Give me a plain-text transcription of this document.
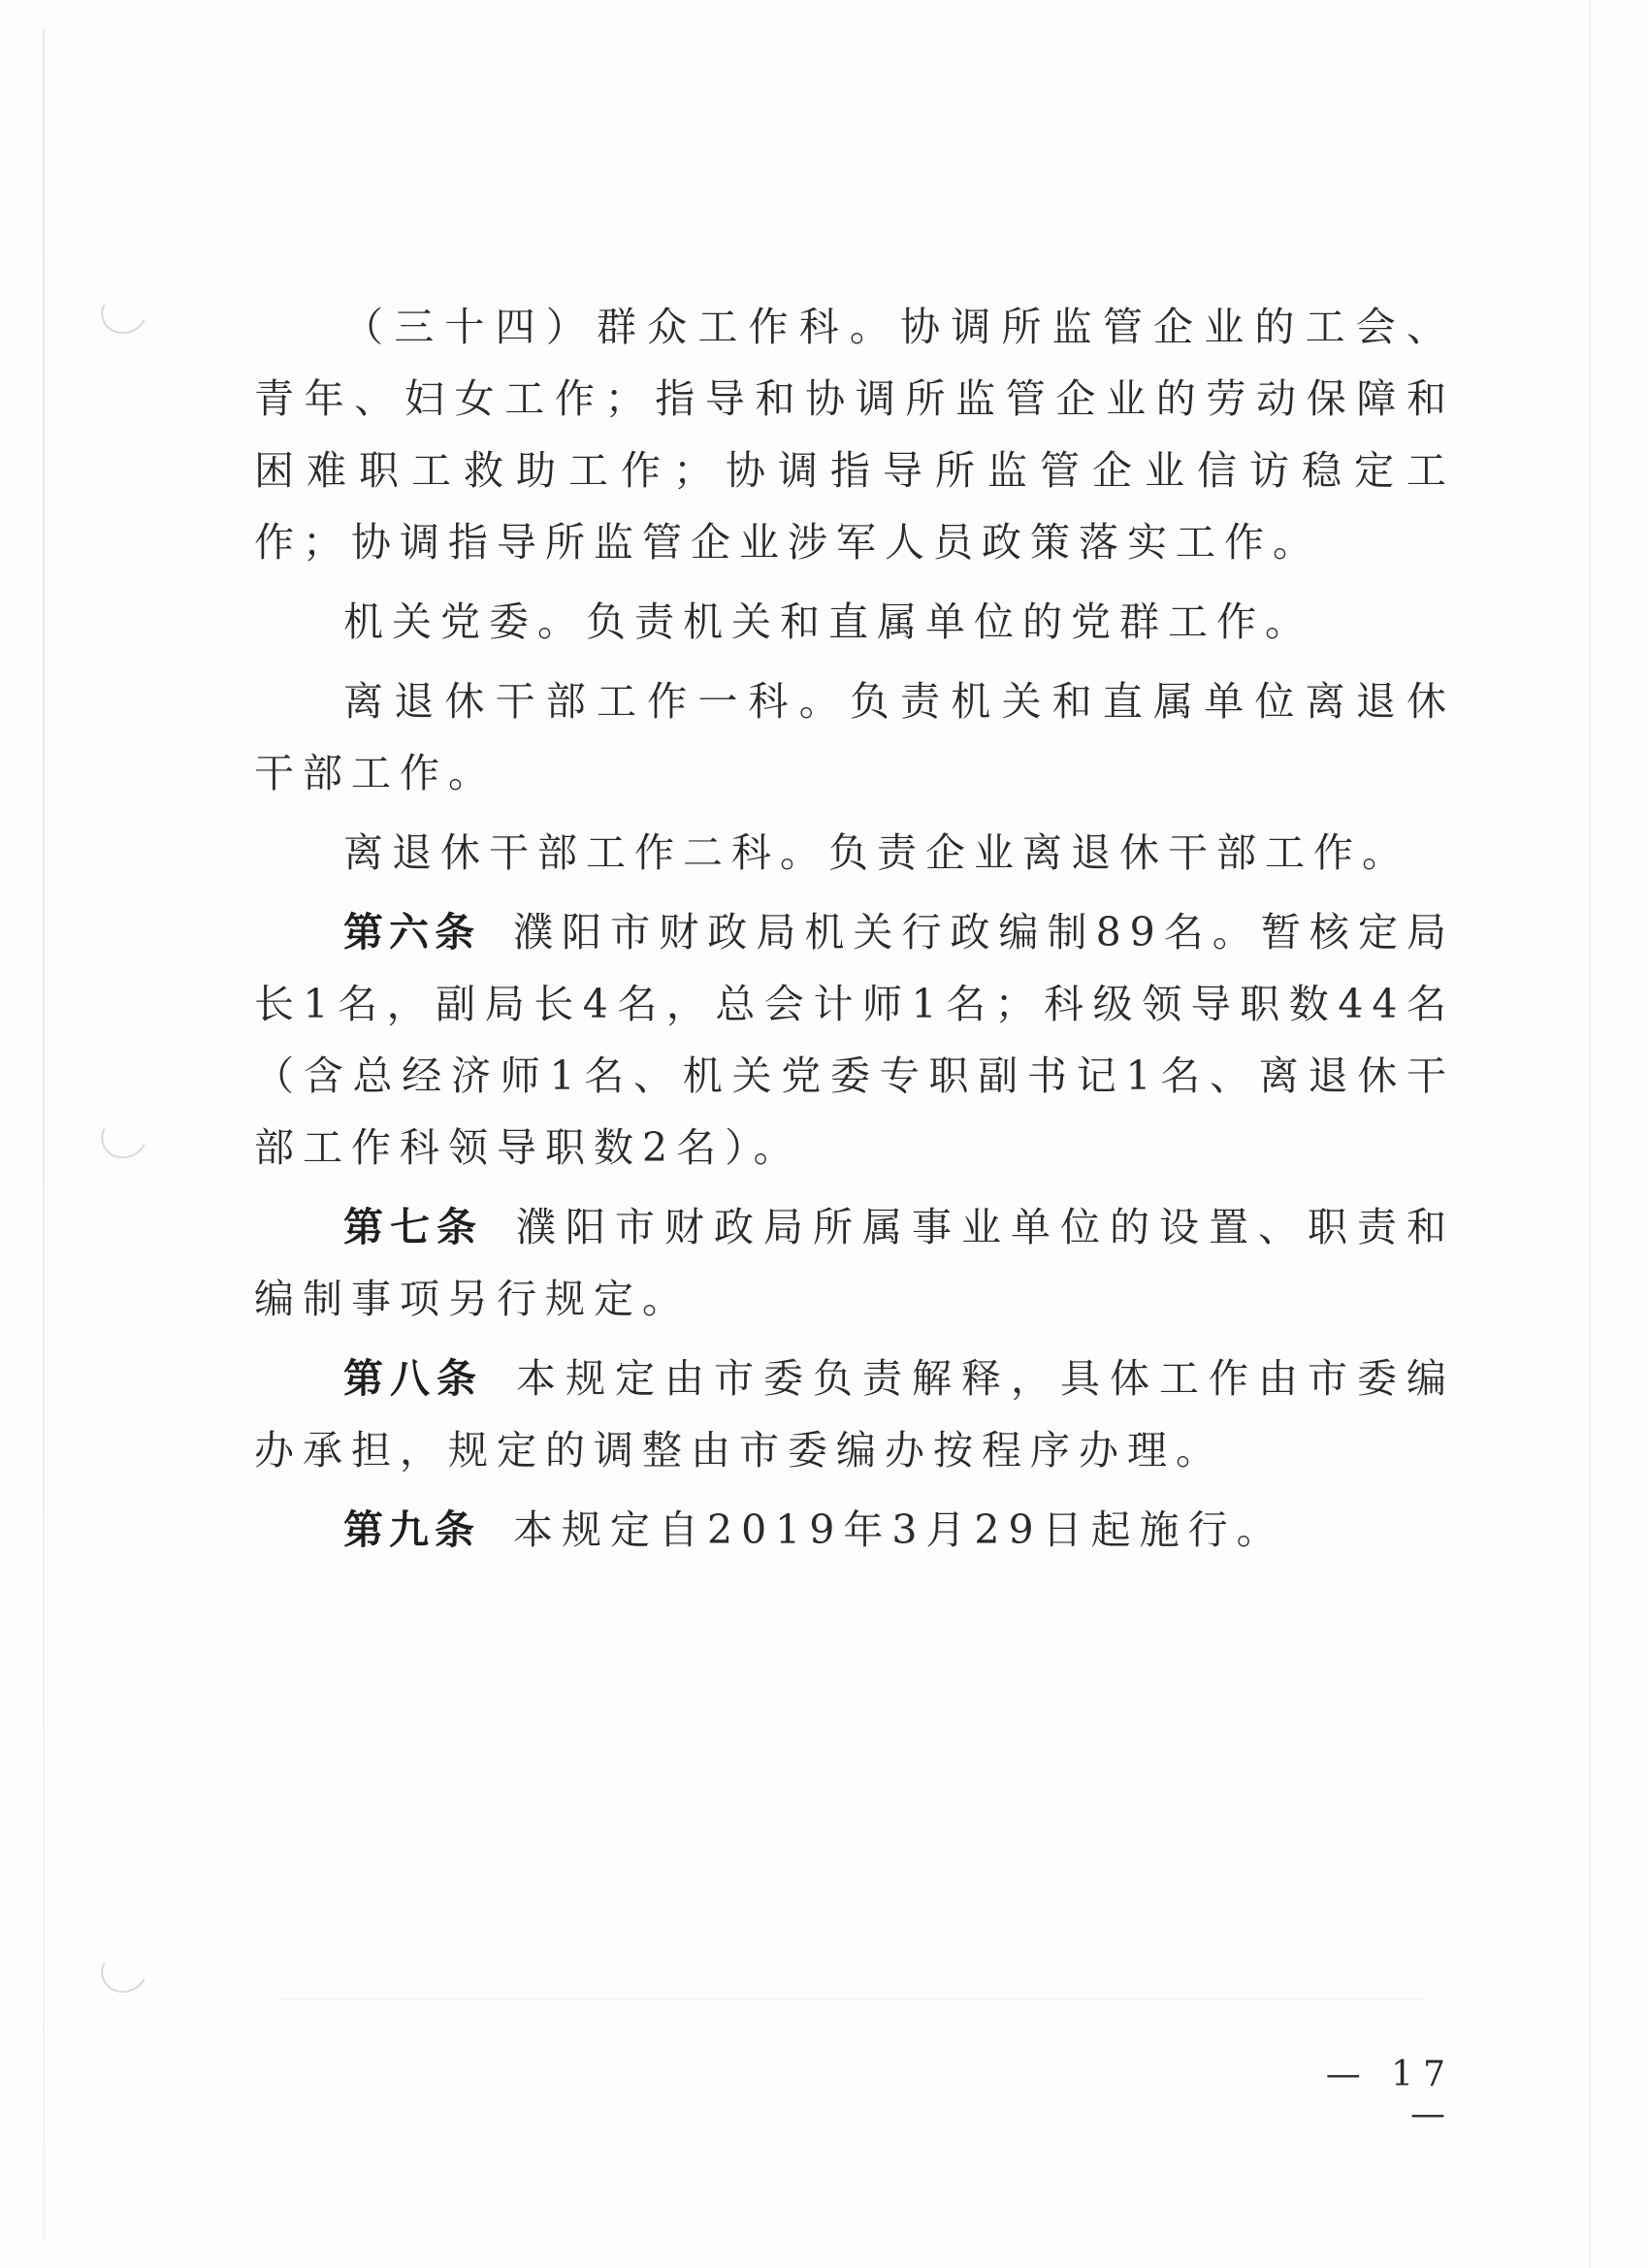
（三十四）群众工作科。协调所监管企业的工会、青年、妇女工作；指导和协调所监管企业的劳动保障和困难职工救助工作；协调指导所监管企业信访稳定工作；协调指导所监管企业涉军人员政策落实工作。

机关党委。负责机关和直属单位的党群工作。

离退休干部工作一科。负责机关和直属单位离退休干部工作。

离退休干部工作二科。负责企业离退休干部工作。

第六条 濮阳市财政局机关行政编制89名。暂核定局长1名，副局长4名，总会计师1名；科级领导职数44名（含总经济师1名、机关党委专职副书记1名、离退休干部工作科领导职数2名）。

第七条 濮阳市财政局所属事业单位的设置、职责和编制事项另行规定。

第八条 本规定由市委负责解释，具体工作由市委编办承担，规定的调整由市委编办按程序办理。

第九条 本规定自2019年3月29日起施行。

— 17 —
